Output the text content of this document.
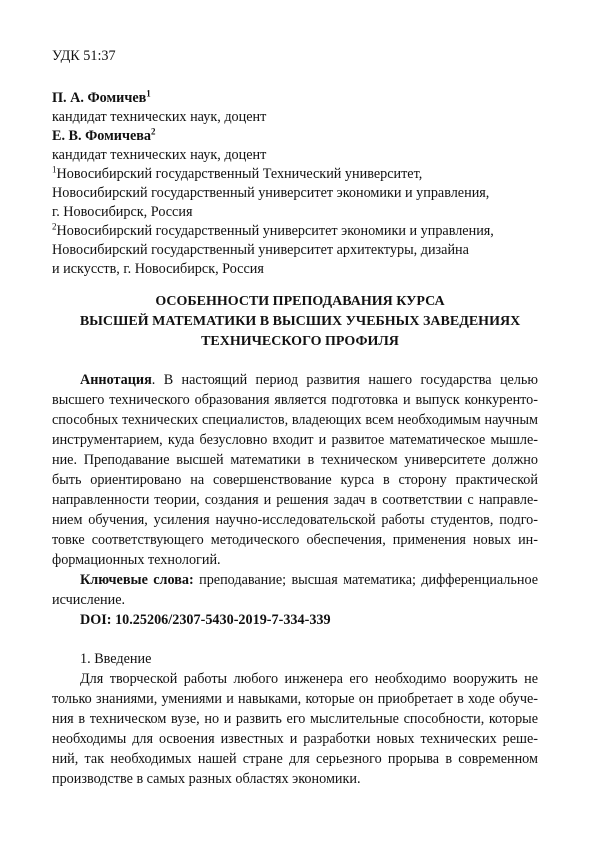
УДК 51:37
П. А. Фомичев$^1$
кандидат технических наук, доцент
Е. В. Фомичева$^2$
кандидат технических наук, доцент
$^1$Новосибирский государственный Технический университет,
Новосибирский государственный университет экономики и управления,
г. Новосибирск, Россия
$^2$Новосибирский государственный университет экономики и управления,
Новосибирский государственный университет архитектуры, дизайна
и искусств, г. Новосибирск, Россия
ОСОБЕННОСТИ ПРЕПОДАВАНИЯ КУРСА
ВЫСШЕЙ МАТЕМАТИКИ В ВЫСШИХ УЧЕБНЫХ ЗАВЕДЕНИЯХ
ТЕХНИЧЕСКОГО ПРОФИЛЯ
Аннотация. В настоящий период развития нашего государства целью
высшего технического образования является подготовка и выпуск конкуренто-
способных технических специалистов, владеющих всем необходимым научным
инструментарием, куда безусловно входит и развитое математическое мышле-
ние. Преподавание высшей математики в техническом университете должно
быть ориентировано на совершенствование курса в сторону практической
направленности теории, создания и решения задач в соответствии с направле-
нием обучения, усиления научно-исследовательской работы студентов, подго-
товке соответствующего методического обеспечения, применения новых ин-
формационных технологий.
Ключевые слова: преподавание; высшая математика; дифференциальное
исчисление.
DOI: 10.25206/2307-5430-2019-7-334-339
1. Введение
Для творческой работы любого инженера его необходимо вооружить не
только знаниями, умениями и навыками, которые он приобретает в ходе обуче-
ния в техническом вузе, но и развить его мыслительные способности, которые
необходимы для освоения известных и разработки новых технических реше-
ний, так необходимых нашей стране для серьезного прорыва в современном
производстве в самых разных областях экономики.
